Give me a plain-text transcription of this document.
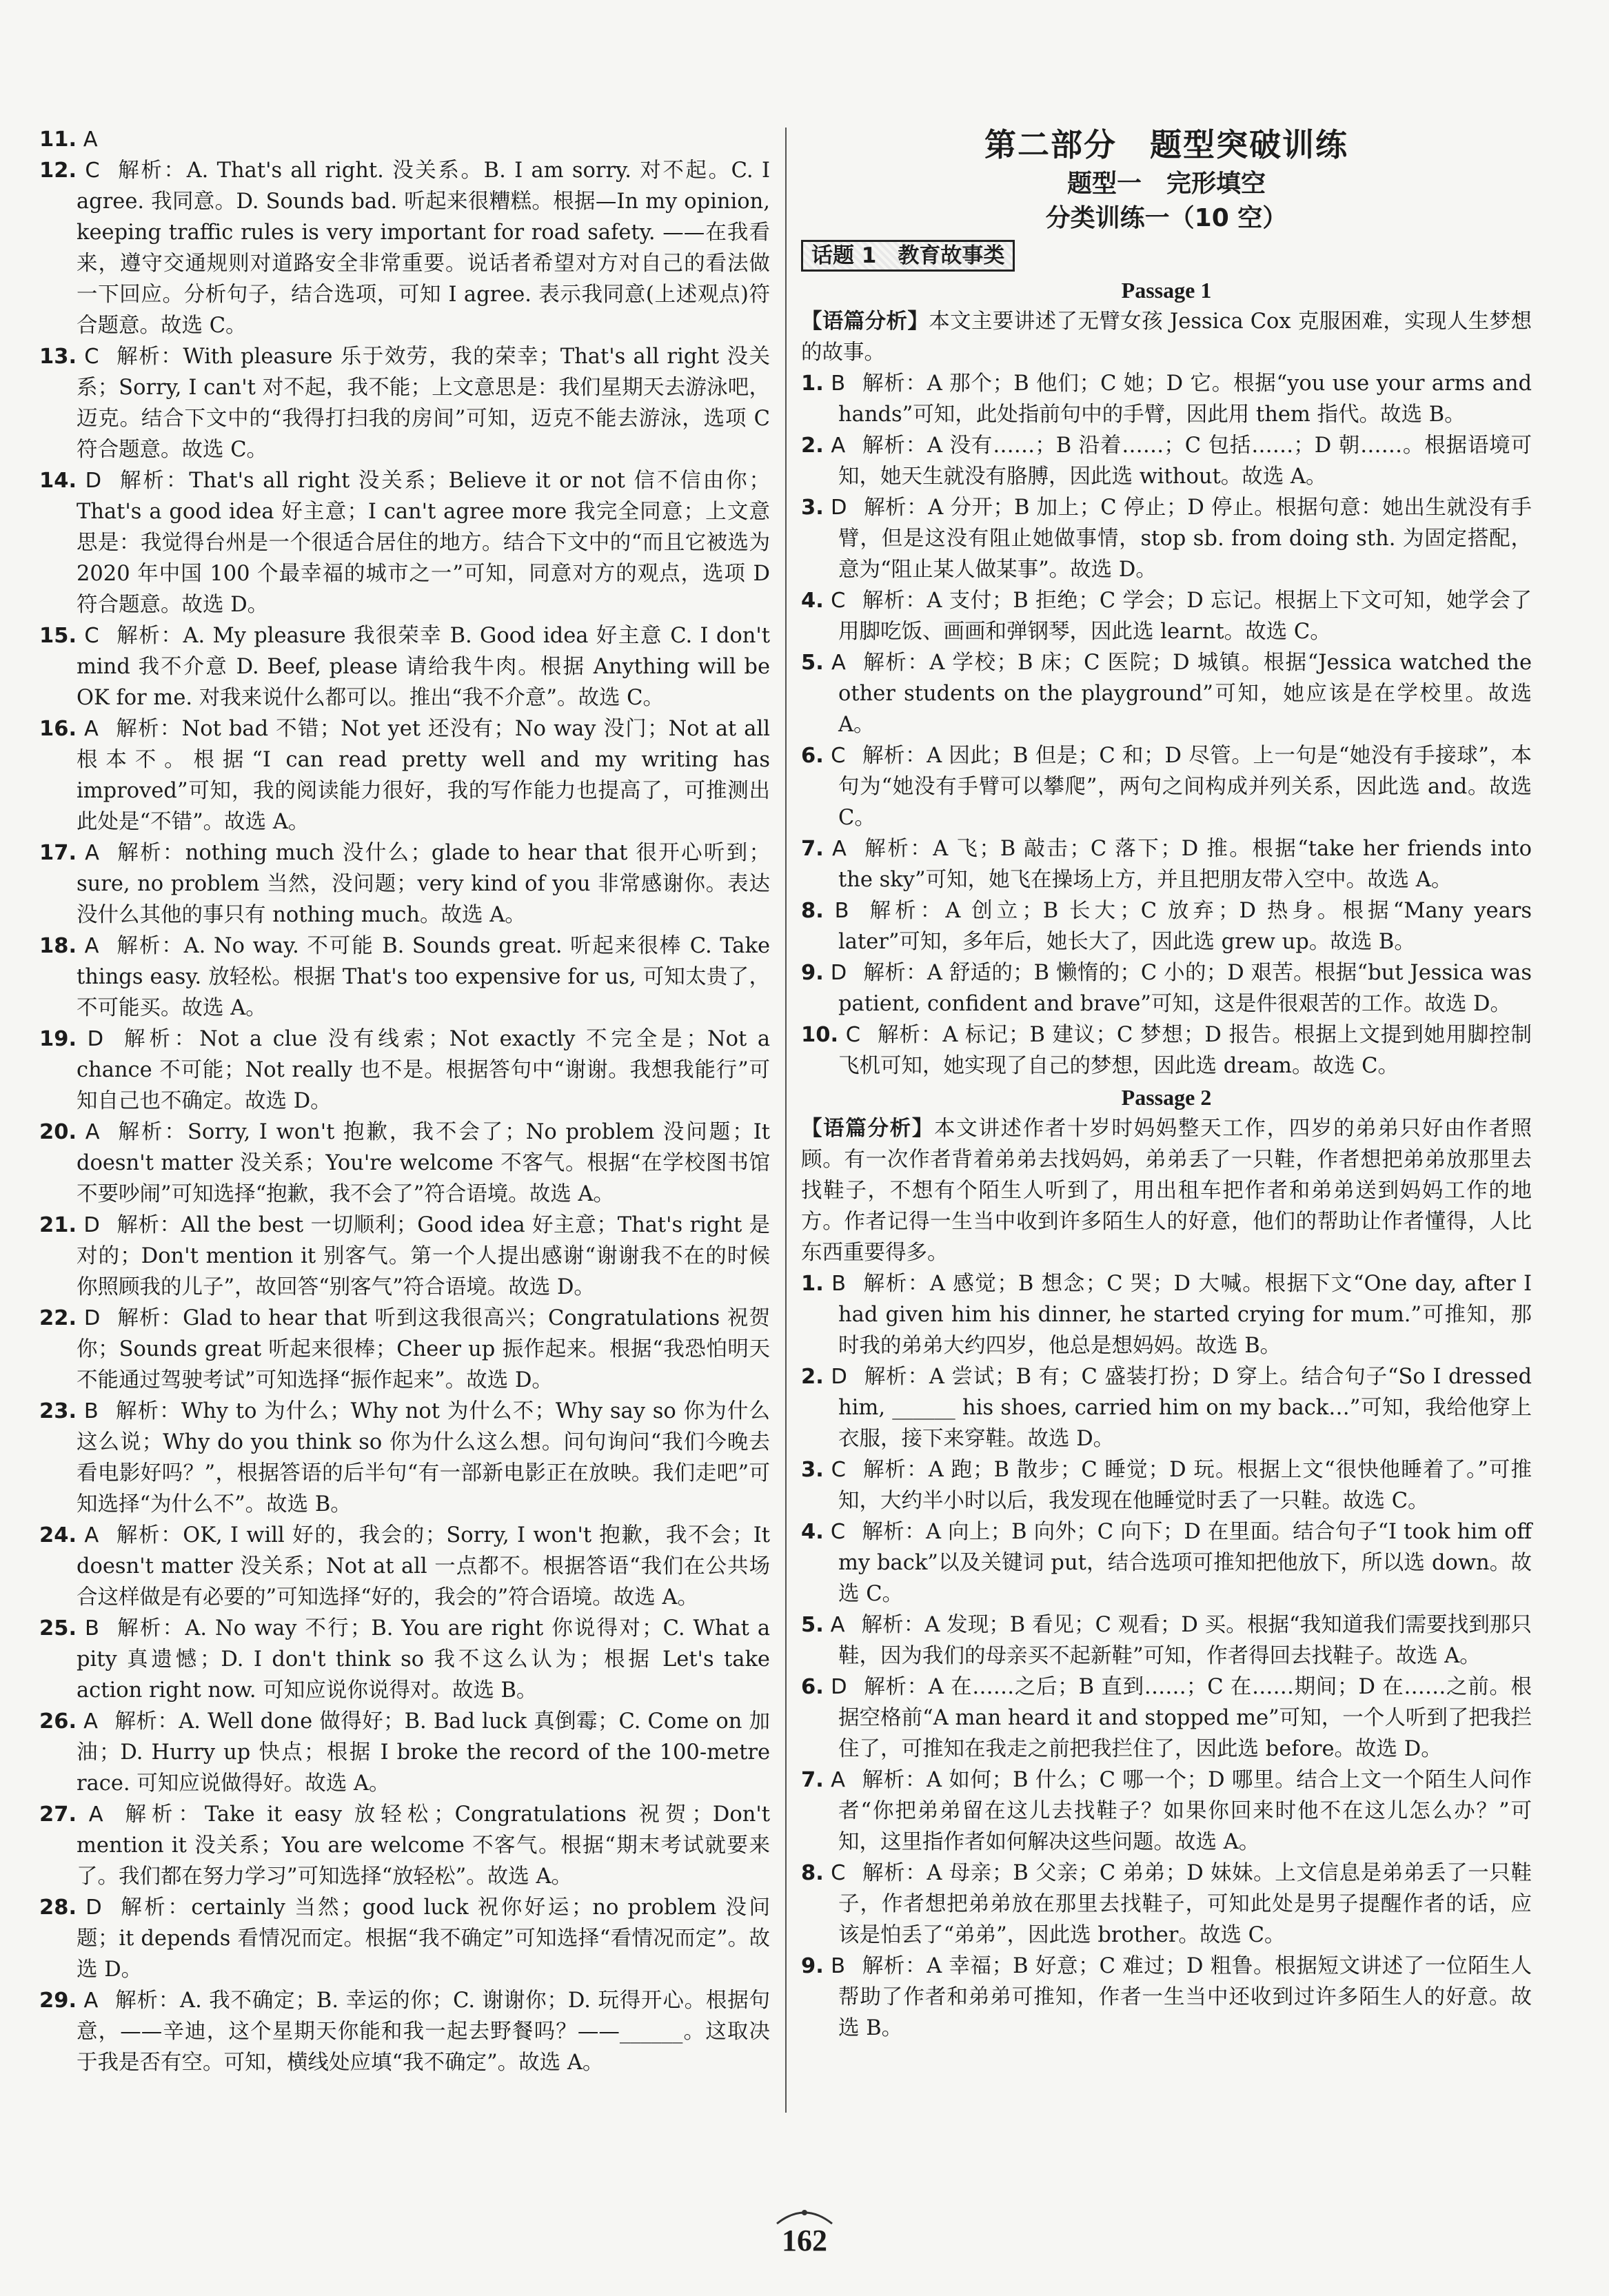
11. A

12. C 解析：A. That's all right. 没关系。B. I am sorry. 对不起。C. I agree. 我同意。D. Sounds bad. 听起来很糟糕。根据—In my opinion, keeping traffic rules is very important for road safety. ——在我看来，遵守交通规则对道路安全非常重要。说话者希望对方对自己的看法做一下回应。分析句子，结合选项，可知 I agree. 表示我同意(上述观点)符合题意。故选 C。

13. C 解析：With pleasure 乐于效劳，我的荣幸；That's all right 没关系；Sorry, I can't 对不起，我不能；上文意思是：我们星期天去游泳吧，迈克。结合下文中的“我得打扫我的房间”可知，迈克不能去游泳，选项 C 符合题意。故选 C。

14. D 解析：That's all right 没关系；Believe it or not 信不信由你；That's a good idea 好主意；I can't agree more 我完全同意；上文意思是：我觉得台州是一个很适合居住的地方。结合下文中的“而且它被选为 2020 年中国 100 个最幸福的城市之一”可知，同意对方的观点，选项 D 符合题意。故选 D。

15. C 解析：A. My pleasure 我很荣幸 B. Good idea 好主意 C. I don't mind 我不介意 D. Beef, please 请给我牛肉。根据 Anything will be OK for me. 对我来说什么都可以。推出“我不介意”。故选 C。

16. A 解析：Not bad 不错；Not yet 还没有；No way 没门；Not at all 根本不。根据“I can read pretty well and my writing has improved”可知，我的阅读能力很好，我的写作能力也提高了，可推测出此处是“不错”。故选 A。

17. A 解析：nothing much 没什么；glade to hear that 很开心听到；sure, no problem 当然，没问题；very kind of you 非常感谢你。表达没什么其他的事只有 nothing much。故选 A。

18. A 解析：A. No way. 不可能 B. Sounds great. 听起来很棒 C. Take things easy. 放轻松。根据 That's too expensive for us, 可知太贵了，不可能买。故选 A。

19. D 解析：Not a clue 没有线索；Not exactly 不完全是；Not a chance 不可能；Not really 也不是。根据答句中“谢谢。我想我能行”可知自己也不确定。故选 D。

20. A 解析：Sorry, I won't 抱歉，我不会了；No problem 没问题；It doesn't matter 没关系；You're welcome 不客气。根据“在学校图书馆不要吵闹”可知选择“抱歉，我不会了”符合语境。故选 A。

21. D 解析：All the best 一切顺利；Good idea 好主意；That's right 是对的；Don't mention it 别客气。第一个人提出感谢“谢谢我不在的时候你照顾我的儿子”，故回答“别客气”符合语境。故选 D。

22. D 解析：Glad to hear that 听到这我很高兴；Congratulations 祝贺你；Sounds great 听起来很棒；Cheer up 振作起来。根据“我恐怕明天不能通过驾驶考试”可知选择“振作起来”。故选 D。

23. B 解析：Why to 为什么；Why not 为什么不；Why say so 你为什么这么说；Why do you think so 你为什么这么想。问句询问“我们今晚去看电影好吗？”，根据答语的后半句“有一部新电影正在放映。我们走吧”可知选择“为什么不”。故选 B。

24. A 解析：OK, I will 好的，我会的；Sorry, I won't 抱歉，我不会；It doesn't matter 没关系；Not at all 一点都不。根据答语“我们在公共场合这样做是有必要的”可知选择“好的，我会的”符合语境。故选 A。

25. B 解析：A. No way 不行；B. You are right 你说得对；C. What a pity 真遗憾；D. I don't think so 我不这么认为；根据 Let's take action right now. 可知应说你说得对。故选 B。

26. A 解析：A. Well done 做得好；B. Bad luck 真倒霉；C. Come on 加油；D. Hurry up 快点；根据 I broke the record of the 100-metre race. 可知应说做得好。故选 A。

27. A 解析：Take it easy 放轻松；Congratulations 祝贺；Don't mention it 没关系；You are welcome 不客气。根据“期末考试就要来了。我们都在努力学习”可知选择“放轻松”。故选 A。

28. D 解析：certainly 当然；good luck 祝你好运；no problem 没问题；it depends 看情况而定。根据“我不确定”可知选择“看情况而定”。故选 D。

29. A 解析：A. 我不确定；B. 幸运的你；C. 谢谢你；D. 玩得开心。根据句意，——辛迪，这个星期天你能和我一起去野餐吗？——______。这取决于我是否有空。可知，横线处应填“我不确定”。故选 A。

第二部分　题型突破训练
题型一　完形填空
分类训练一（10 空）
话题 1　教育故事类
Passage 1

【语篇分析】本文主要讲述了无臂女孩 Jessica Cox 克服困难，实现人生梦想的故事。

1. B 解析：A 那个；B 他们；C 她；D 它。根据“you use your arms and hands”可知，此处指前句中的手臂，因此用 them 指代。故选 B。

2. A 解析：A 没有……；B 沿着……；C 包括……；D 朝……。根据语境可知，她天生就没有胳膊，因此选 without。故选 A。

3. D 解析：A 分开；B 加上；C 停止；D 停止。根据句意：她出生就没有手臂，但是这没有阻止她做事情，stop sb. from doing sth. 为固定搭配，意为“阻止某人做某事”。故选 D。

4. C 解析：A 支付；B 拒绝；C 学会；D 忘记。根据上下文可知，她学会了用脚吃饭、画画和弹钢琴，因此选 learnt。故选 C。

5. A 解析：A 学校；B 床；C 医院；D 城镇。根据“Jessica watched the other students on the playground”可知，她应该是在学校里。故选 A。

6. C 解析：A 因此；B 但是；C 和；D 尽管。上一句是“她没有手接球”，本句为“她没有手臂可以攀爬”，两句之间构成并列关系，因此选 and。故选 C。

7. A 解析：A 飞；B 敲击；C 落下；D 推。根据“take her friends into the sky”可知，她飞在操场上方，并且把朋友带入空中。故选 A。

8. B 解析：A 创立；B 长大；C 放弃；D 热身。根据“Many years later”可知，多年后，她长大了，因此选 grew up。故选 B。

9. D 解析：A 舒适的；B 懒惰的；C 小的；D 艰苦。根据“but Jessica was patient, confident and brave”可知，这是件很艰苦的工作。故选 D。

10. C 解析：A 标记；B 建议；C 梦想；D 报告。根据上文提到她用脚控制飞机可知，她实现了自己的梦想，因此选 dream。故选 C。

Passage 2

【语篇分析】本文讲述作者十岁时妈妈整天工作，四岁的弟弟只好由作者照顾。有一次作者背着弟弟去找妈妈，弟弟丢了一只鞋，作者想把弟弟放那里去找鞋子，不想有个陌生人听到了，用出租车把作者和弟弟送到妈妈工作的地方。作者记得一生当中收到许多陌生人的好意，他们的帮助让作者懂得，人比东西重要得多。

1. B 解析：A 感觉；B 想念；C 哭；D 大喊。根据下文“One day, after I had given him his dinner, he started crying for mum.”可推知，那时我的弟弟大约四岁，他总是想妈妈。故选 B。

2. D 解析：A 尝试；B 有；C 盛装打扮；D 穿上。结合句子“So I dressed him, ______ his shoes, carried him on my back…”可知，我给他穿上衣服，接下来穿鞋。故选 D。

3. C 解析：A 跑；B 散步；C 睡觉；D 玩。根据上文“很快他睡着了。”可推知，大约半小时以后，我发现在他睡觉时丢了一只鞋。故选 C。

4. C 解析：A 向上；B 向外；C 向下；D 在里面。结合句子“I took him off my back”以及关键词 put，结合选项可推知把他放下，所以选 down。故选 C。

5. A 解析：A 发现；B 看见；C 观看；D 买。根据“我知道我们需要找到那只鞋，因为我们的母亲买不起新鞋”可知，作者得回去找鞋子。故选 A。

6. D 解析：A 在……之后；B 直到……；C 在……期间；D 在……之前。根据空格前“A man heard it and stopped me”可知，一个人听到了把我拦住了，可推知在我走之前把我拦住了，因此选 before。故选 D。

7. A 解析：A 如何；B 什么；C 哪一个；D 哪里。结合上文一个陌生人问作者“你把弟弟留在这儿去找鞋子？如果你回来时他不在这儿怎么办？”可知，这里指作者如何解决这些问题。故选 A。

8. C 解析：A 母亲；B 父亲；C 弟弟；D 妹妹。上文信息是弟弟丢了一只鞋子，作者想把弟弟放在那里去找鞋子，可知此处是男子提醒作者的话，应该是怕丢了“弟弟”，因此选 brother。故选 C。

9. B 解析：A 幸福；B 好意；C 难过；D 粗鲁。根据短文讲述了一位陌生人帮助了作者和弟弟可推知，作者一生当中还收到过许多陌生人的好意。故选 B。

162
